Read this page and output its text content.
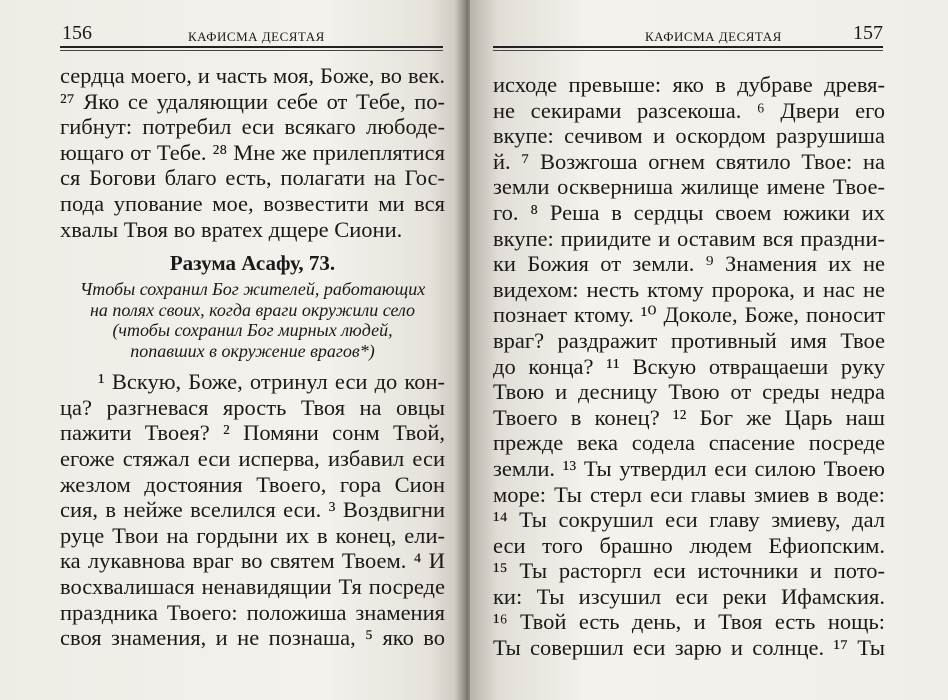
156	КАФИСМА ДЕСЯТАЯ
сердца моего, и часть моя, Боже, во век.
²⁷ Яко се удаляющии себе от Тебе, по-
гибнут: потребил еси всякаго любоде-
ющаго от Тебе. ²⁸ Мне же прилеплятися
ся Богови благо есть, полагати на Гос-
пода упование мое, возвестити ми вся
хвалы Твоя во вратех дщере Сиони.
Разума Асафу, 73.
Чтобы сохранил Бог жителей, работающих
на полях своих, когда враги окружили село
(чтобы сохранил Бог мирных людей,
попавших в окружение врагов*)
¹ Вскую, Боже, отринул еси до кон-
ца? разгневася ярость Твоя на овцы
пажити Твоея? ² Помяни сонм Твой,
егоже стяжал еси исперва, избавил еси
жезлом достояния Твоего, гора Сион
сия, в нейже вселился еси. ³ Воздвигни
руце Твои на гордыни их в конец, ели-
ка лукавнова враг во святем Твоем. ⁴ И
восхвалишася ненавидящии Тя посреде
праздника Твоего: положиша знамения
своя знамения, и не познаша, ⁵ яко во
КАФИСМА ДЕСЯТАЯ	157
исходе превыше: яко в дубраве древя-
не секирами разсекоша. ⁶ Двери его
вкупе: сечивом и оскордом разрушиша
й. ⁷ Возжгоша огнем святило Твое: на
земли осквернишa жилище имене Твое-
го. ⁸ Реша в сердцы своем южики их
вкупе: приидите и оставим вся праздни-
ки Божия от земли. ⁹ Знамения их не
видехом: несть ктому пророка, и нас не
познает ктому. ¹⁰ Доколе, Боже, поносит
враг? раздражит противный имя Твое
до конца? ¹¹ Вскую отвращаеши руку
Твою и десницу Твою от среды недра
Твоего в конец? ¹² Бог же Царь наш
прежде века содела спасение посреде
земли. ¹³ Ты утвердил еси силою Твоею
море: Ты стерл еси главы змиев в воде:
¹⁴ Ты сокрушил еси главу змиеву, дал
еси того брашно людем Ефиопским.
¹⁵ Ты расторгл еси источники и пото-
ки: Ты изсушил еси реки Ифамския.
¹⁶ Твой есть день, и Твоя есть нощь:
Ты совершил еси зарю и солнце. ¹⁷ Ты
